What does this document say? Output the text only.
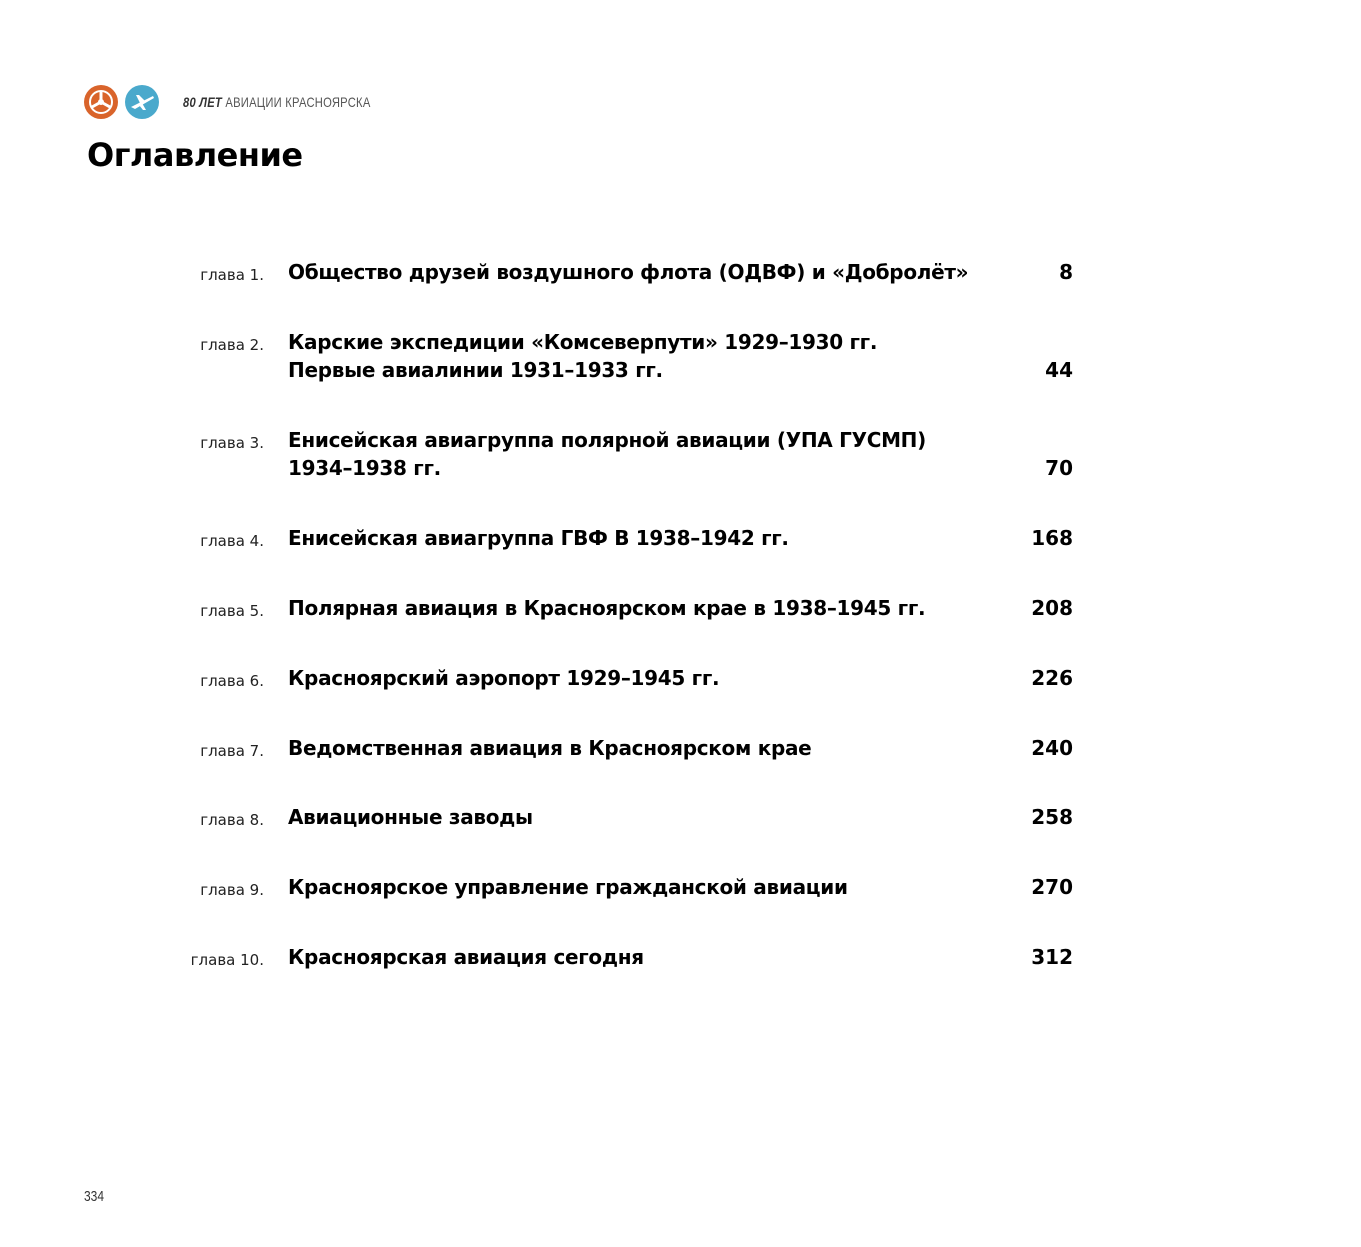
80 ЛЕТ АВИАЦИИ КРАСНОЯРСКА
Оглавление
глава 1. Общество друзей воздушного флота (ОДВФ) и «Добролёт»	8
глава 2. Карские экспедиции «Комсеверпути» 1929–1930 гг.
Первые авиалинии 1931–1933 гг.	44
глава 3. Енисейская авиагруппа полярной авиации (УПА ГУСМП)
1934–1938 гг.	70
глава 4. Енисейская авиагруппа ГВФ В 1938–1942 гг.	168
глава 5. Полярная авиация в Красноярском крае в 1938–1945 гг.	208
глава 6. Красноярский аэропорт 1929–1945 гг.	226
глава 7. Ведомственная авиация в Красноярском крае	240
глава 8. Авиационные заводы	258
глава 9. Красноярское управление гражданской авиации	270
глава 10. Красноярская авиация сегодня	312
334
